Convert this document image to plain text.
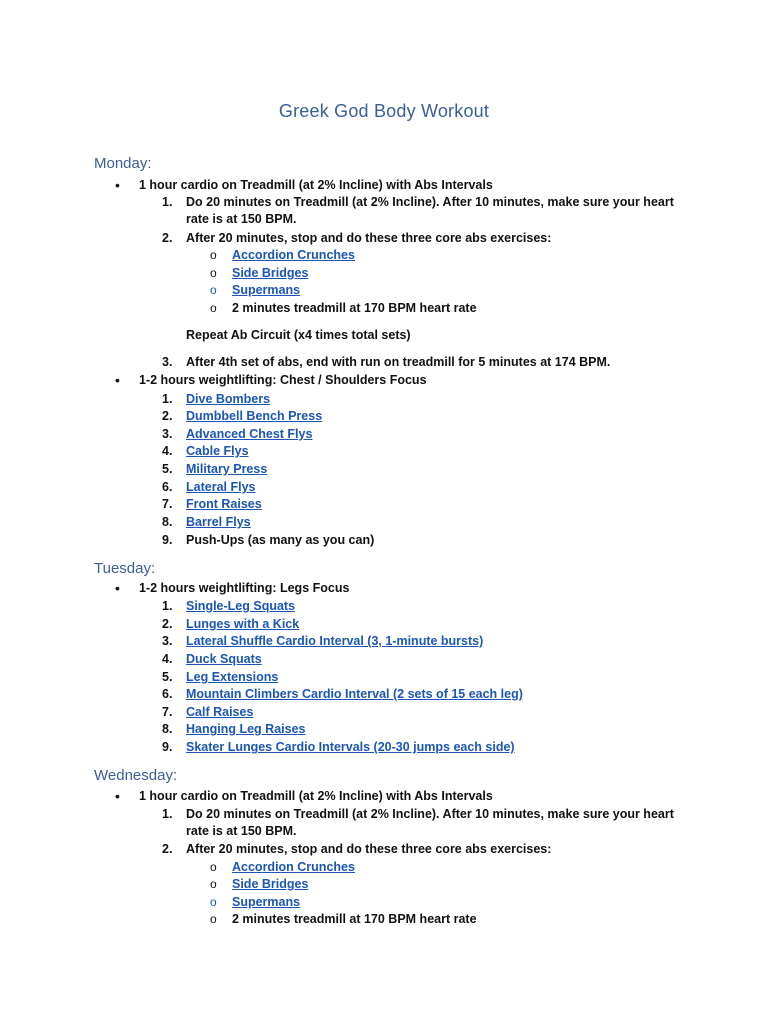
Greek God Body Workout
Monday:
• 1 hour cardio on Treadmill (at 2% Incline) with Abs Intervals
1. Do 20 minutes on Treadmill (at 2% Incline). After 10 minutes, make sure your heart
rate is at 150 BPM.
2. After 20 minutes, stop and do these three core abs exercises:
o Accordion Crunches
o Side Bridges
o Supermans
o 2 minutes treadmill at 170 BPM heart rate
Repeat Ab Circuit (x4 times total sets)
3. After 4th set of abs, end with run on treadmill for 5 minutes at 174 BPM.
• 1-2 hours weightlifting: Chest / Shoulders Focus
1. Dive Bombers
2. Dumbbell Bench Press
3. Advanced Chest Flys
4. Cable Flys
5. Military Press
6. Lateral Flys
7. Front Raises
8. Barrel Flys
9. Push-Ups (as many as you can)
Tuesday:
• 1-2 hours weightlifting: Legs Focus
1. Single-Leg Squats
2. Lunges with a Kick
3. Lateral Shuffle Cardio Interval (3, 1-minute bursts)
4. Duck Squats
5. Leg Extensions
6. Mountain Climbers Cardio Interval (2 sets of 15 each leg)
7. Calf Raises
8. Hanging Leg Raises
9. Skater Lunges Cardio Intervals (20-30 jumps each side)
Wednesday:
• 1 hour cardio on Treadmill (at 2% Incline) with Abs Intervals
1. Do 20 minutes on Treadmill (at 2% Incline). After 10 minutes, make sure your heart
rate is at 150 BPM.
2. After 20 minutes, stop and do these three core abs exercises:
o Accordion Crunches
o Side Bridges
o Supermans
o 2 minutes treadmill at 170 BPM heart rate
